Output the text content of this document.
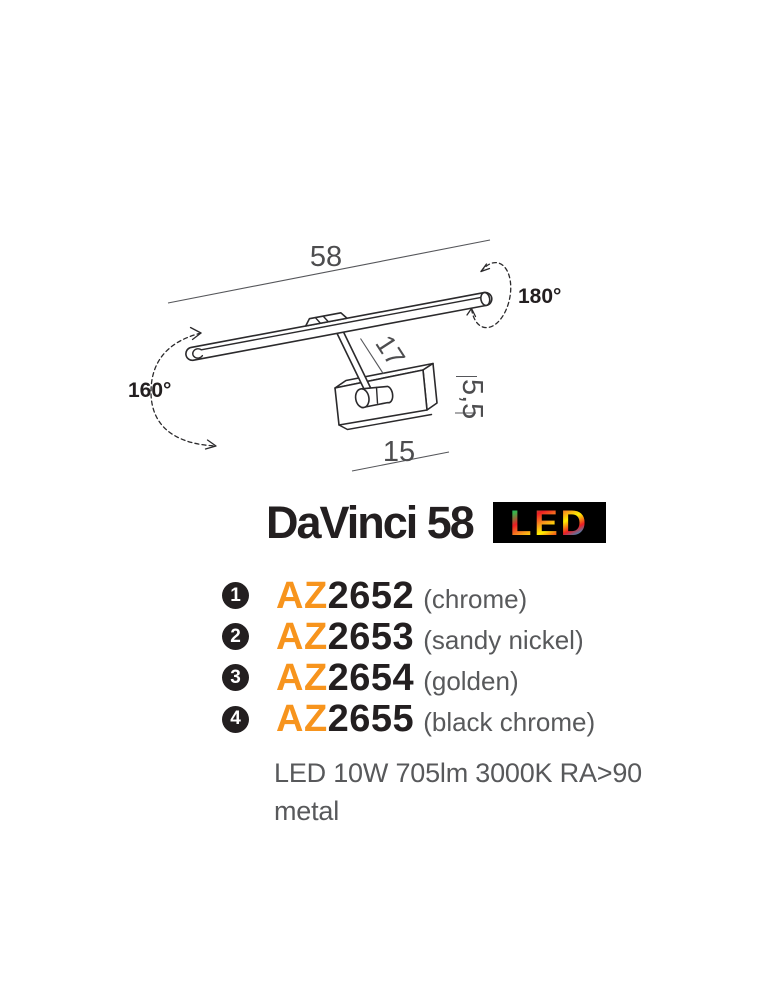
58
160°
180°
17
5,5
15
DaVinci 58 LED
1 AZ2652 (chrome)
2 AZ2653 (sandy nickel)
3 AZ2654 (golden)
4 AZ2655 (black chrome)
LED 10W 705lm 3000K RA>90
metal
